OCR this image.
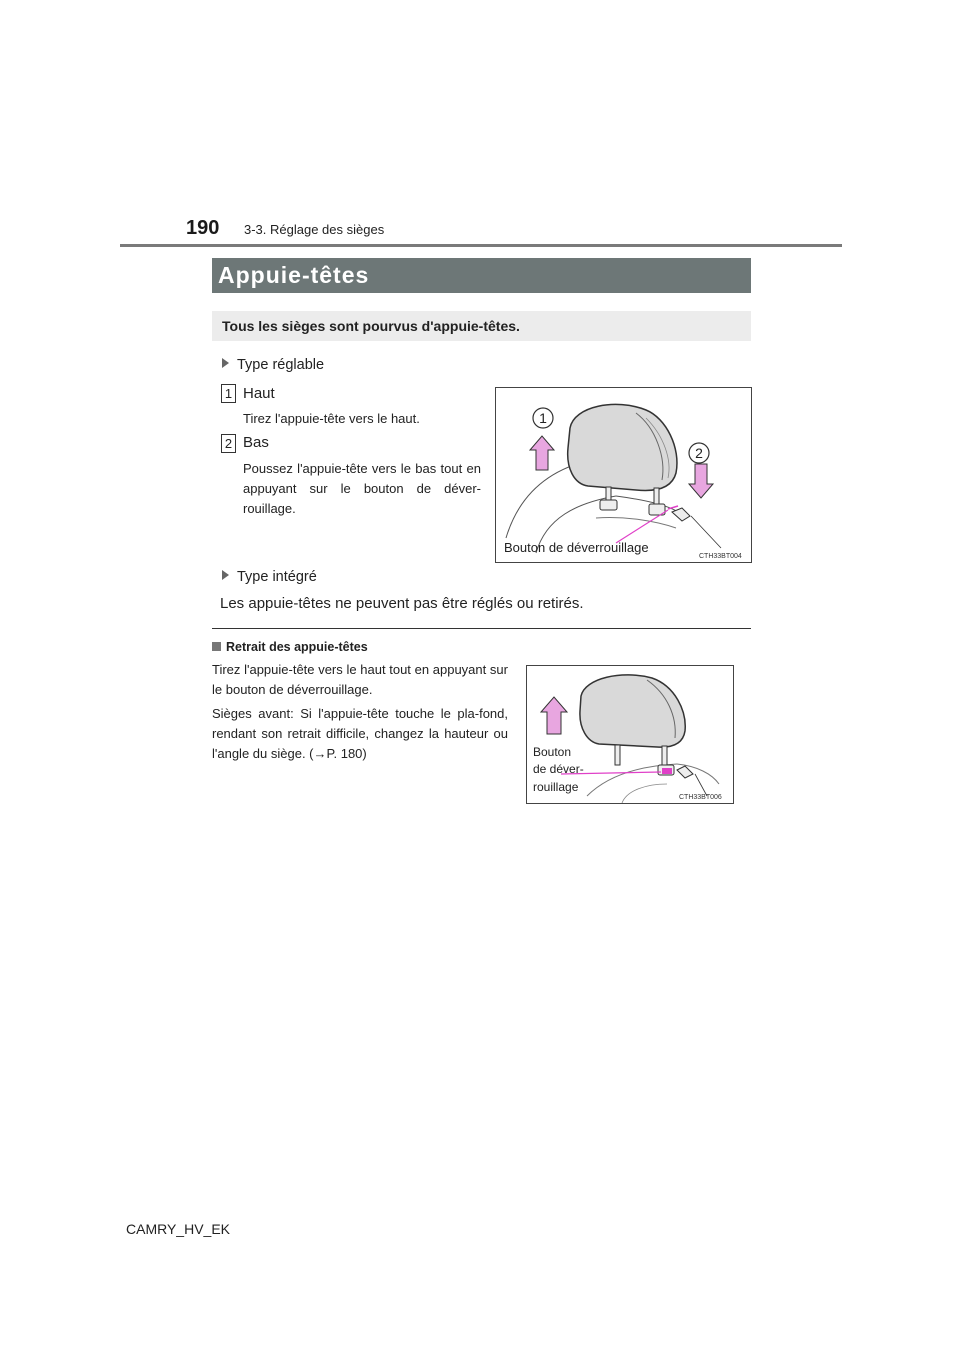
190 3-3. Réglage des sièges
Appuie-têtes
Tous les sièges sont pourvus d'appuie-têtes.
Type réglable
1 Haut
Tirez l'appuie-tête vers le haut.
2 Bas
Poussez l'appuie-tête vers le bas tout en appuyant sur le bouton de déver-rouillage.
1
2
Bouton de déverrouillage
CTH33BT004
Type intégré
Les appuie-têtes ne peuvent pas être réglés ou retirés.
Retrait des appuie-têtes
Tirez l'appuie-tête vers le haut tout en appuyant sur le bouton de déverrouillage.
Sièges avant: Si l'appuie-tête touche le pla-fond, rendant son retrait difficile, changez la hauteur ou l'angle du siège. (→P. 180)	Bouton
de déver-
rouillage
CTH33BT006
CAMRY_HV_EK
